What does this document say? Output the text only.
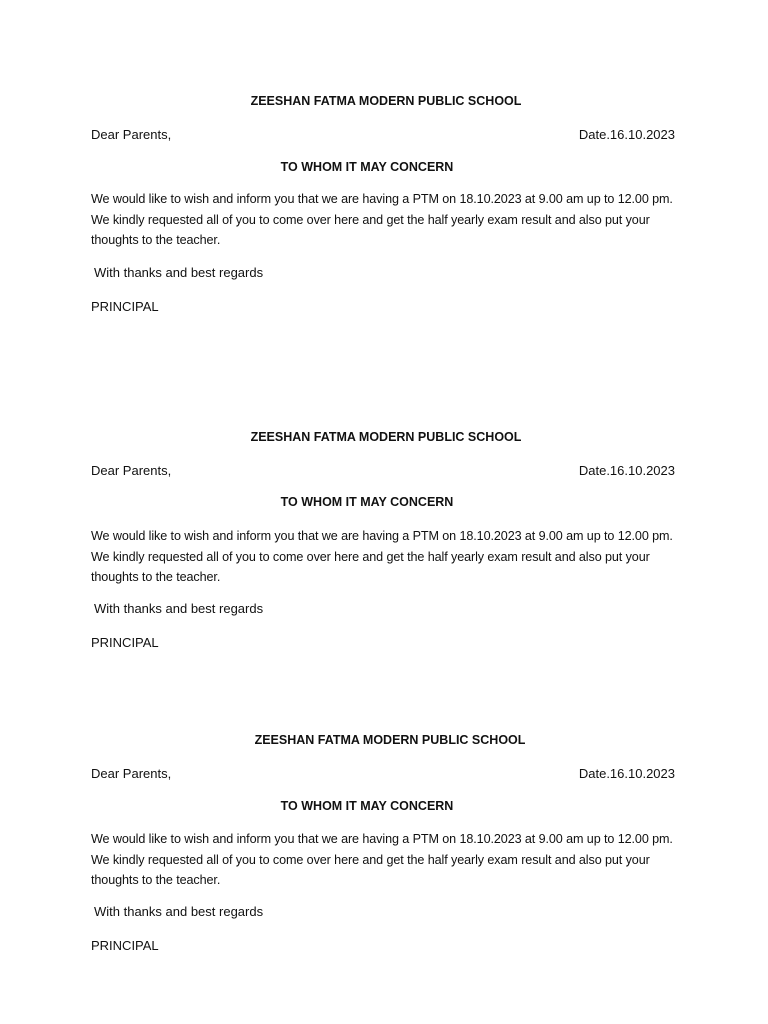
ZEESHAN FATMA MODERN PUBLIC SCHOOL
Dear Parents,	Date.16.10.2023
TO WHOM IT MAY CONCERN
We would like to wish and inform you that we are having a PTM on 18.10.2023 at 9.00 am up to 12.00 pm. We kindly requested all of you to come over here and get the half yearly exam result and also put your thoughts to the teacher.
With thanks and best regards
PRINCIPAL
ZEESHAN FATMA MODERN PUBLIC SCHOOL
Dear Parents,	Date.16.10.2023
TO WHOM IT MAY CONCERN
We would like to wish and inform you that we are having a PTM on 18.10.2023 at 9.00 am up to 12.00 pm. We kindly requested all of you to come over here and get the half yearly exam result and also put your thoughts to the teacher.
With thanks and best regards
PRINCIPAL
ZEESHAN FATMA MODERN PUBLIC SCHOOL
Dear Parents,	Date.16.10.2023
TO WHOM IT MAY CONCERN
We would like to wish and inform you that we are having a PTM on 18.10.2023 at 9.00 am up to 12.00 pm. We kindly requested all of you to come over here and get the half yearly exam result and also put your thoughts to the teacher.
With thanks and best regards
PRINCIPAL
